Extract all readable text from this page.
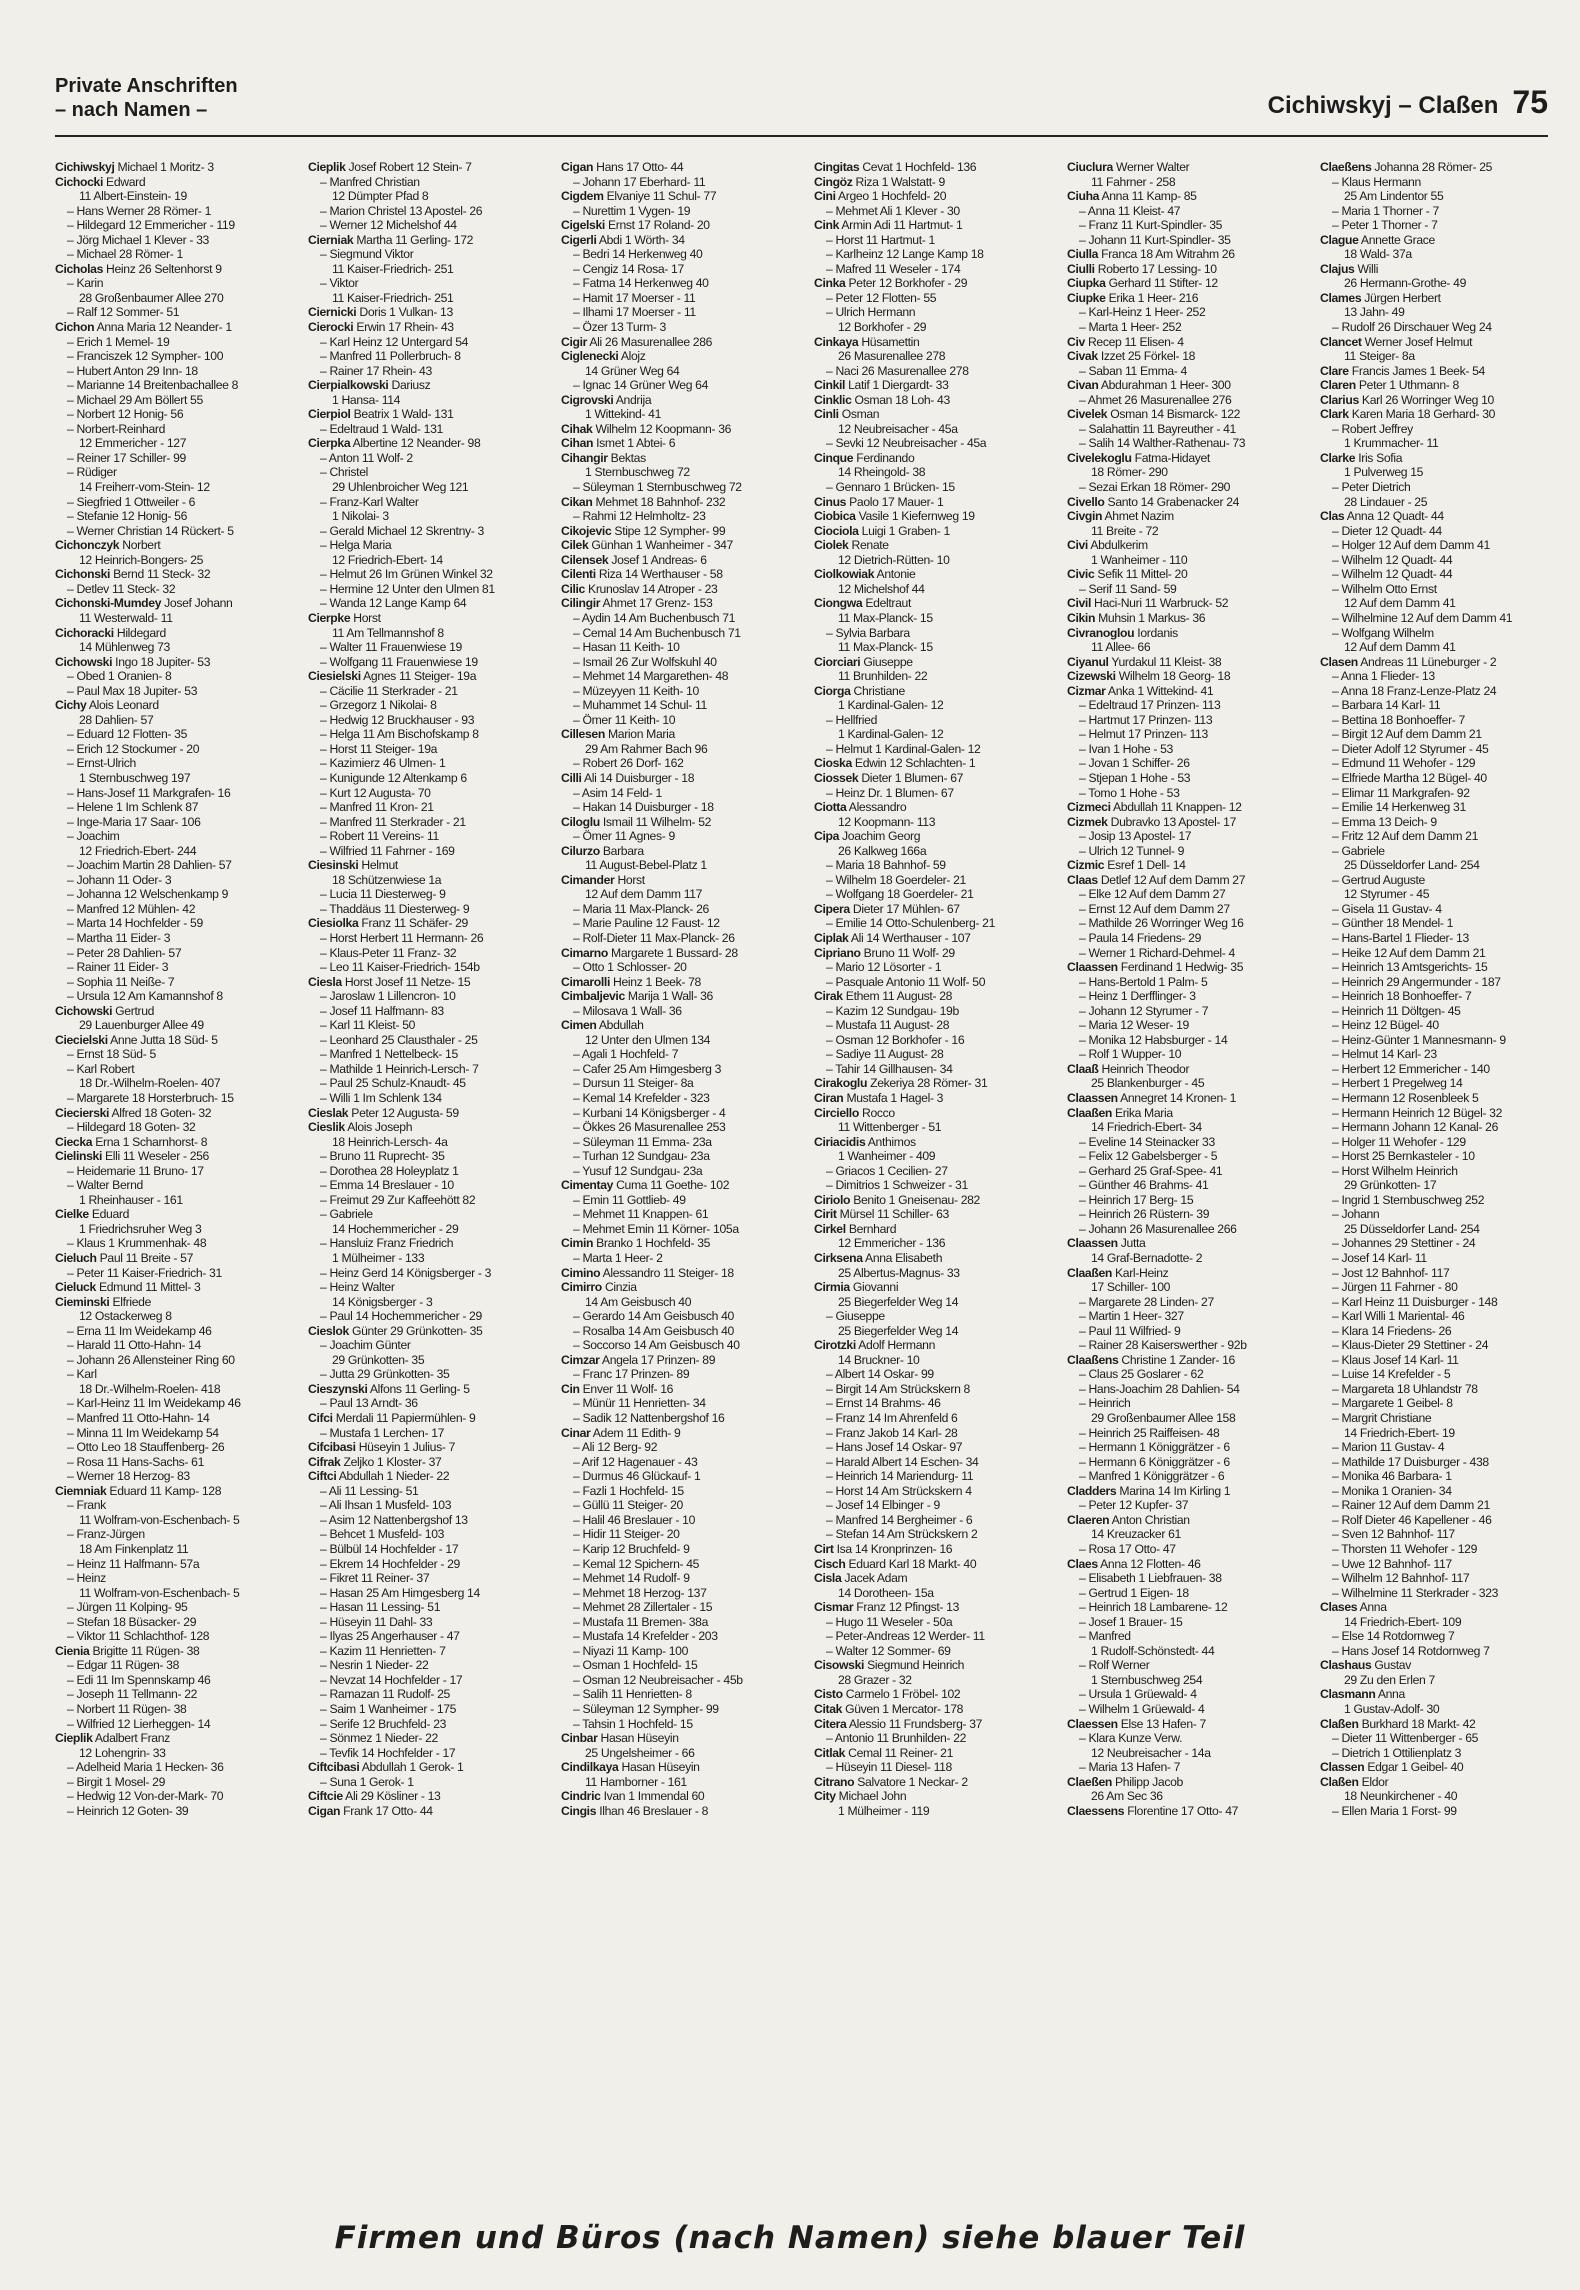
Private Anschriften
– nach Namen –	Cichiwskyj – Claßen 75
Cichiwskyj Michael 1 Moritz- 3
Cichocki Edward
11 Albert-Einstein- 19
– Hans Werner 28 Römer- 1
– Hildegard 12 Emmericher - 119
– Jörg Michael 1 Klever - 33
– Michael 28 Römer- 1
Cicholas Heinz 26 Seltenhorst 9
– Karin
28 Großenbaumer Allee 270
– Ralf 12 Sommer- 51
Cichon Anna Maria 12 Neander- 1
– Erich 1 Memel- 19
– Franciszek 12 Sympher- 100
– Hubert Anton 29 Inn- 18
– Marianne 14 Breitenbachallee 8
– Michael 29 Am Böllert 55
– Norbert 12 Honig- 56
– Norbert-Reinhard
12 Emmericher - 127
– Reiner 17 Schiller- 99
– Rüdiger
14 Freiherr-vom-Stein- 12
– Siegfried 1 Ottweiler - 6
– Stefanie 12 Honig- 56
– Werner Christian 14 Rückert- 5
Cichonczyk Norbert
12 Heinrich-Bongers- 25
Cichonski Bernd 11 Steck- 32
– Detlev 11 Steck- 32
Cichonski-Mumdey Josef Johann
11 Westerwald- 11
Cichoracki Hildegard
14 Mühlenweg 73
Cichowski Ingo 18 Jupiter- 53
– Obed 1 Oranien- 8
– Paul Max 18 Jupiter- 53
Cichy Alois Leonard
28 Dahlien- 57
– Eduard 12 Flotten- 35
– Erich 12 Stockumer - 20
– Ernst-Ulrich
1 Sternbuschweg 197
– Hans-Josef 11 Markgrafen- 16
– Helene 1 Im Schlenk 87
– Inge-Maria 17 Saar- 106
– Joachim
12 Friedrich-Ebert- 244
– Joachim Martin 28 Dahlien- 57
– Johann 11 Oder- 3
– Johanna 12 Welschenkamp 9
– Manfred 12 Mühlen- 42
– Marta 14 Hochfelder - 59
– Martha 11 Eider- 3
– Peter 28 Dahlien- 57
– Rainer 11 Eider- 3
– Sophia 11 Neiße- 7
– Ursula 12 Am Kamannshof 8
Cichowski Gertrud
29 Lauenburger Allee 49
Ciecielski Anne Jutta 18 Süd- 5
– Ernst 18 Süd- 5
– Karl Robert
18 Dr.-Wilhelm-Roelen- 407
– Margarete 18 Horsterbruch- 15
Ciecierski Alfred 18 Goten- 32
– Hildegard 18 Goten- 32
Ciecka Erna 1 Scharnhorst- 8
Cielinski Elli 11 Weseler - 256
– Heidemarie 11 Bruno- 17
– Walter Bernd
1 Rheinhauser - 161
Cielke Eduard
1 Friedrichsruher Weg 3
– Klaus 1 Krummenhak- 48
Cieluch Paul 11 Breite - 57
– Peter 11 Kaiser-Friedrich- 31
Cieluck Edmund 11 Mittel- 3
Cieminski Elfriede
12 Ostackerweg 8
– Erna 11 Im Weidekamp 46
– Harald 11 Otto-Hahn- 14
– Johann 26 Allensteiner Ring 60
– Karl
18 Dr.-Wilhelm-Roelen- 418
– Karl-Heinz 11 Im Weidekamp 46
– Manfred 11 Otto-Hahn- 14
– Minna 11 Im Weidekamp 54
– Otto Leo 18 Stauffenberg- 26
– Rosa 11 Hans-Sachs- 61
– Werner 18 Herzog- 83
Ciemniak Eduard 11 Kamp- 128
– Frank
11 Wolfram-von-Eschenbach- 5
– Franz-Jürgen
18 Am Finkenplatz 11
– Heinz 11 Halfmann- 57a
– Heinz
11 Wolfram-von-Eschenbach- 5
– Jürgen 11 Kolping- 95
– Stefan 18 Büsacker- 29
– Viktor 11 Schlachthof- 128
Cienia Brigitte 11 Rügen- 38
– Edgar 11 Rügen- 38
– Edi 11 Im Spennskamp 46
– Joseph 11 Tellmann- 22
– Norbert 11 Rügen- 38
– Wilfried 12 Lierheggen- 14
Cieplik Adalbert Franz
12 Lohengrin- 33
– Adelheid Maria 1 Hecken- 36
– Birgit 1 Mosel- 29
– Hedwig 12 Von-der-Mark- 70
– Heinrich 12 Goten- 39
Cieplik Josef Robert 12 Stein- 7
– Manfred Christian
12 Dümpter Pfad 8
– Marion Christel 13 Apostel- 26
– Werner 12 Michelshof 44
Cierniak Martha 11 Gerling- 172
– Siegmund Viktor
11 Kaiser-Friedrich- 251
– Viktor
11 Kaiser-Friedrich- 251
Ciernicki Doris 1 Vulkan- 13
Cierocki Erwin 17 Rhein- 43
– Karl Heinz 12 Untergard 54
– Manfred 11 Pollerbruch- 8
– Rainer 17 Rhein- 43
Cierpialkowski Dariusz
1 Hansa- 114
Cierpiol Beatrix 1 Wald- 131
– Edeltraud 1 Wald- 131
Cierpka Albertine 12 Neander- 98
– Anton 11 Wolf- 2
– Christel
29 Uhlenbroicher Weg 121
– Franz-Karl Walter
1 Nikolai- 3
– Gerald Michael 12 Skrentny- 3
– Helga Maria
12 Friedrich-Ebert- 14
– Helmut 26 Im Grünen Winkel 32
– Hermine 12 Unter den Ulmen 81
– Wanda 12 Lange Kamp 64
Cierpke Horst
11 Am Tellmannshof 8
– Walter 11 Frauenwiese 19
– Wolfgang 11 Frauenwiese 19
Ciesielski Agnes 11 Steiger- 19a
– Cäcilie 11 Sterkrader - 21
– Grzegorz 1 Nikolai- 8
– Hedwig 12 Bruckhauser - 93
– Helga 11 Am Bischofskamp 8
– Horst 11 Steiger- 19a
– Kazimierz 46 Ulmen- 1
– Kunigunde 12 Altenkamp 6
– Kurt 12 Augusta- 70
– Manfred 11 Kron- 21
– Manfred 11 Sterkrader - 21
– Robert 11 Vereins- 11
– Wilfried 11 Fahrner - 169
Ciesinski Helmut
18 Schützenwiese 1a
– Lucia 11 Diesterweg- 9
– Thaddäus 11 Diesterweg- 9
Ciesiolka Franz 11 Schäfer- 29
– Horst Herbert 11 Hermann- 26
– Klaus-Peter 11 Franz- 32
– Leo 11 Kaiser-Friedrich- 154b
Ciesla Horst Josef 11 Netze- 15
– Jaroslaw 1 Lillencron- 10
– Josef 11 Halfmann- 83
– Karl 11 Kleist- 50
– Leonhard 25 Clausthaler - 25
– Manfred 1 Nettelbeck- 15
– Mathilde 1 Heinrich-Lersch- 7
– Paul 25 Schulz-Knaudt- 45
– Willi 1 Im Schlenk 134
Cieslak Peter 12 Augusta- 59
Cieslik Alois Joseph
18 Heinrich-Lersch- 4a
– Bruno 11 Ruprecht- 35
– Dorothea 28 Holeyplatz 1
– Emma 14 Breslauer - 10
– Freimut 29 Zur Kaffeehött 82
– Gabriele
14 Hochemmericher - 29
– Hansluiz Franz Friedrich
1 Mülheimer - 133
– Heinz Gerd 14 Königsberger - 3
– Heinz Walter
14 Königsberger - 3
– Paul 14 Hochemmericher - 29
Cieslok Günter 29 Grünkotten- 35
– Joachim Günter
29 Grünkotten- 35
– Jutta 29 Grünkotten- 35
Cieszynski Alfons 11 Gerling- 5
– Paul 13 Arndt- 36
Cifci Merdali 11 Papiermühlen- 9
– Mustafa 1 Lerchen- 17
Cifcibasi Hüseyin 1 Julius- 7
Cifrak Zeljko 1 Kloster- 37
Ciftci Abdullah 1 Nieder- 22
– Ali 11 Lessing- 51
– Ali Ihsan 1 Musfeld- 103
– Asim 12 Nattenbergshof 13
– Behcet 1 Musfeld- 103
– Bülbül 14 Hochfelder - 17
– Ekrem 14 Hochfelder - 29
– Fikret 11 Reiner- 37
– Hasan 25 Am Himgesberg 14
– Hasan 11 Lessing- 51
– Hüseyin 11 Dahl- 33
– Ilyas 25 Angerhauser - 47
– Kazim 11 Henrietten- 7
– Nesrin 1 Nieder- 22
– Nevzat 14 Hochfelder - 17
– Ramazan 11 Rudolf- 25
– Saim 1 Wanheimer - 175
– Serife 12 Bruchfeld- 23
– Sönmez 1 Nieder- 22
– Tevfik 14 Hochfelder - 17
Ciftcibasi Abdullah 1 Gerok- 1
– Suna 1 Gerok- 1
Ciftcie Ali 29 Kösliner - 13
Cigan Frank 17 Otto- 44
Cigan Hans 17 Otto- 44
– Johann 17 Eberhard- 11
Cigdem Elvaniye 11 Schul- 77
– Nurettim 1 Vygen- 19
Cigelski Ernst 17 Roland- 20
Cigerli Abdi 1 Wörth- 34
– Bedri 14 Herkenweg 40
– Cengiz 14 Rosa- 17
– Fatma 14 Herkenweg 40
– Hamit 17 Moerser - 11
– Ilhami 17 Moerser - 11
– Özer 13 Turm- 3
Cigir Ali 26 Masurenallee 286
Ciglenecki Alojz
14 Grüner Weg 64
– Ignac 14 Grüner Weg 64
Cigrovski Andrija
1 Wittekind- 41
Cihak Wilhelm 12 Koopmann- 36
Cihan Ismet 1 Abtei- 6
Cihangir Bektas
1 Sternbuschweg 72
– Süleyman 1 Sternbuschweg 72
Cikan Mehmet 18 Bahnhof- 232
– Rahmi 12 Helmholtz- 23
Cikojevic Stipe 12 Sympher- 99
Cilek Günhan 1 Wanheimer - 347
Cilensek Josef 1 Andreas- 6
Cilenti Riza 14 Werthauser - 58
Cilic Krunoslav 14 Atroper - 23
Cilingir Ahmet 17 Grenz- 153
– Aydin 14 Am Buchenbusch 71
– Cemal 14 Am Buchenbusch 71
– Hasan 11 Keith- 10
– Ismail 26 Zur Wolfskuhl 40
– Mehmet 14 Margarethen- 48
– Müzeyyen 11 Keith- 10
– Muhammet 14 Schul- 11
– Ömer 11 Keith- 10
Cillesen Marion Maria
29 Am Rahmer Bach 96
– Robert 26 Dorf- 162
Cilli Ali 14 Duisburger - 18
– Asim 14 Feld- 1
– Hakan 14 Duisburger - 18
Ciloglu Ismail 11 Wilhelm- 52
– Ömer 11 Agnes- 9
Cilurzo Barbara
11 August-Bebel-Platz 1
Cimander Horst
12 Auf dem Damm 117
– Maria 11 Max-Planck- 26
– Marie Pauline 12 Faust- 12
– Rolf-Dieter 11 Max-Planck- 26
Cimarno Margarete 1 Bussard- 28
– Otto 1 Schlosser- 20
Cimarolli Heinz 1 Beek- 78
Cimbaljevic Marija 1 Wall- 36
– Milosava 1 Wall- 36
Cimen Abdullah
12 Unter den Ulmen 134
– Agali 1 Hochfeld- 7
– Cafer 25 Am Himgesberg 3
– Dursun 11 Steiger- 8a
– Kemal 14 Krefelder - 323
– Kurbani 14 Königsberger - 4
– Ökkes 26 Masurenallee 253
– Süleyman 11 Emma- 23a
– Turhan 12 Sundgau- 23a
– Yusuf 12 Sundgau- 23a
Cimentay Cuma 11 Goethe- 102
– Emin 11 Gottlieb- 49
– Mehmet 11 Knappen- 61
– Mehmet Emin 11 Körner- 105a
Cimin Branko 1 Hochfeld- 35
– Marta 1 Heer- 2
Cimino Alessandro 11 Steiger- 18
Cimirro Cinzia
14 Am Geisbusch 40
– Gerardo 14 Am Geisbusch 40
– Rosalba 14 Am Geisbusch 40
– Soccorso 14 Am Geisbusch 40
Cimzar Angela 17 Prinzen- 89
– Franc 17 Prinzen- 89
Cin Enver 11 Wolf- 16
– Münür 11 Henrietten- 34
– Sadik 12 Nattenbergshof 16
Cinar Adem 11 Edith- 9
– Ali 12 Berg- 92
– Arif 12 Hagenauer - 43
– Durmus 46 Glückauf- 1
– Fazli 1 Hochfeld- 15
– Güllü 11 Steiger- 20
– Halil 46 Breslauer - 10
– Hidir 11 Steiger- 20
– Karip 12 Bruchfeld- 9
– Kemal 12 Spichern- 45
– Mehmet 14 Rudolf- 9
– Mehmet 18 Herzog- 137
– Mehmet 28 Zillertaler - 15
– Mustafa 11 Bremen- 38a
– Mustafa 14 Krefelder - 203
– Niyazi 11 Kamp- 100
– Osman 1 Hochfeld- 15
– Osman 12 Neubreisacher - 45b
– Salih 11 Henrietten- 8
– Süleyman 12 Sympher- 99
– Tahsin 1 Hochfeld- 15
Cinbar Hasan Hüseyin
25 Ungelsheimer - 66
Cindilkaya Hasan Hüseyin
11 Hamborner - 161
Cindric Ivan 1 Immendal 60
Cingis Ilhan 46 Breslauer - 8
Cingitas Cevat 1 Hochfeld- 136
Cingöz Riza 1 Walstatt- 9
Cini Argeo 1 Hochfeld- 20
– Mehmet Ali 1 Klever - 30
Cink Armin Adi 11 Hartmut- 1
– Horst 11 Hartmut- 1
– Karlheinz 12 Lange Kamp 18
– Mafred 11 Weseler - 174
Cinka Peter 12 Borkhofer - 29
– Peter 12 Flotten- 55
– Ulrich Hermann
12 Borkhofer - 29
Cinkaya Hüsamettin
26 Masurenallee 278
– Naci 26 Masurenallee 278
Cinkil Latif 1 Diergardt- 33
Cinklic Osman 18 Loh- 43
Cinli Osman
12 Neubreisacher - 45a
– Sevki 12 Neubreisacher - 45a
Cinque Ferdinando
14 Rheingold- 38
– Gennaro 1 Brücken- 15
Cinus Paolo 17 Mauer- 1
Ciobica Vasile 1 Kiefernweg 19
Ciociola Luigi 1 Graben- 1
Ciolek Renate
12 Dietrich-Rütten- 10
Ciolkowiak Antonie
12 Michelshof 44
Ciongwa Edeltraut
11 Max-Planck- 15
– Sylvia Barbara
11 Max-Planck- 15
Ciorciari Giuseppe
11 Brunhilden- 22
Ciorga Christiane
1 Kardinal-Galen- 12
– Hellfried
1 Kardinal-Galen- 12
– Helmut 1 Kardinal-Galen- 12
Cioska Edwin 12 Schlachten- 1
Ciossek Dieter 1 Blumen- 67
– Heinz Dr. 1 Blumen- 67
Ciotta Alessandro
12 Koopmann- 113
Cipa Joachim Georg
26 Kalkweg 166a
– Maria 18 Bahnhof- 59
– Wilhelm 18 Goerdeler- 21
– Wolfgang 18 Goerdeler- 21
Cipera Dieter 17 Mühlen- 67
– Emilie 14 Otto-Schulenberg- 21
Ciplak Ali 14 Werthauser - 107
Cipriano Bruno 11 Wolf- 29
– Mario 12 Lösorter - 1
– Pasquale Antonio 11 Wolf- 50
Cirak Ethem 11 August- 28
– Kazim 12 Sundgau- 19b
– Mustafa 11 August- 28
– Osman 12 Borkhofer - 16
– Sadiye 11 August- 28
– Tahir 14 Gillhausen- 34
Cirakoglu Zekeriya 28 Römer- 31
Ciran Mustafa 1 Hagel- 3
Circiello Rocco
11 Wittenberger - 51
Ciriacidis Anthimos
1 Wanheimer - 409
– Griacos 1 Cecilien- 27
– Dimitrios 1 Schweizer - 31
Ciriolo Benito 1 Gneisenau- 282
Cirit Mürsel 11 Schiller- 63
Cirkel Bernhard
12 Emmericher - 136
Cirksena Anna Elisabeth
25 Albertus-Magnus- 33
Cirmia Giovanni
25 Biegerfelder Weg 14
– Giuseppe
25 Biegerfelder Weg 14
Cirotzki Adolf Hermann
14 Bruckner- 10
– Albert 14 Oskar- 99
– Birgit 14 Am Strückskern 8
– Ernst 14 Brahms- 46
– Franz 14 Im Ahrenfeld 6
– Franz Jakob 14 Karl- 28
– Hans Josef 14 Oskar- 97
– Harald Albert 14 Eschen- 34
– Heinrich 14 Mariendurg- 11
– Horst 14 Am Strückskern 4
– Josef 14 Elbinger - 9
– Manfred 14 Bergheimer - 6
– Stefan 14 Am Strückskern 2
Cirt Isa 14 Kronprinzen- 16
Cisch Eduard Karl 18 Markt- 40
Cisla Jacek Adam
14 Dorotheen- 15a
Cismar Franz 12 Pfingst- 13
– Hugo 11 Weseler - 50a
– Peter-Andreas 12 Werder- 11
– Walter 12 Sommer- 69
Cisowski Siegmund Heinrich
28 Grazer - 32
Cisto Carmelo 1 Fröbel- 102
Citak Güven 1 Mercator- 178
Citera Alessio 11 Frundsberg- 37
– Antonio 11 Brunhilden- 22
Citlak Cemal 11 Reiner- 21
– Hüseyin 11 Diesel- 118
Citrano Salvatore 1 Neckar- 2
City Michael John
1 Mülheimer - 119
Ciuclura Werner Walter
11 Fahrner - 258
Ciuha Anna 11 Kamp- 85
– Anna 11 Kleist- 47
– Franz 11 Kurt-Spindler- 35
– Johann 11 Kurt-Spindler- 35
Ciulla Franca 18 Am Witrahm 26
Ciulli Roberto 17 Lessing- 10
Ciupka Gerhard 11 Stifter- 12
Ciupke Erika 1 Heer- 216
– Karl-Heinz 1 Heer- 252
– Marta 1 Heer- 252
Civ Recep 11 Elisen- 4
Civak Izzet 25 Förkel- 18
– Saban 11 Emma- 4
Civan Abdurahman 1 Heer- 300
– Ahmet 26 Masurenallee 276
Civelek Osman 14 Bismarck- 122
– Salahattin 11 Bayreuther - 41
– Salih 14 Walther-Rathenau- 73
Civelekoglu Fatma-Hidayet
18 Römer- 290
– Sezai Erkan 18 Römer- 290
Civello Santo 14 Grabenacker 24
Civgin Ahmet Nazim
11 Breite - 72
Civi Abdulkerim
1 Wanheimer - 110
Civic Sefik 11 Mittel- 20
– Serif 11 Sand- 59
Civil Haci-Nuri 11 Warbruck- 52
Cikin Muhsin 1 Markus- 36
Civranoglou Iordanis
11 Allee- 66
Ciyanul Yurdakul 11 Kleist- 38
Cizewski Wilhelm 18 Georg- 18
Cizmar Anka 1 Wittekind- 41
– Edeltraud 17 Prinzen- 113
– Hartmut 17 Prinzen- 113
– Helmut 17 Prinzen- 113
– Ivan 1 Hohe - 53
– Jovan 1 Schiffer- 26
– Stjepan 1 Hohe - 53
– Tomo 1 Hohe - 53
Cizmeci Abdullah 11 Knappen- 12
Cizmek Dubravko 13 Apostel- 17
– Josip 13 Apostel- 17
– Ulrich 12 Tunnel- 9
Cizmic Esref 1 Dell- 14
Claas Detlef 12 Auf dem Damm 27
– Elke 12 Auf dem Damm 27
– Ernst 12 Auf dem Damm 27
– Mathilde 26 Worringer Weg 16
– Paula 14 Friedens- 29
– Werner 1 Richard-Dehmel- 4
Claassen Ferdinand 1 Hedwig- 35
– Hans-Bertold 1 Palm- 5
– Heinz 1 Derfflinger- 3
– Johann 12 Styrumer - 7
– Maria 12 Weser- 19
– Monika 12 Habsburger - 14
– Rolf 1 Wupper- 10
Claaß Heinrich Theodor
25 Blankenburger - 45
Claassen Annegret 14 Kronen- 1
Claaßen Erika Maria
14 Friedrich-Ebert- 34
– Eveline 14 Steinacker 33
– Felix 12 Gabelsberger - 5
– Gerhard 25 Graf-Spee- 41
– Günther 46 Brahms- 41
– Heinrich 17 Berg- 15
– Heinrich 26 Rüstern- 39
– Johann 26 Masurenallee 266
Claassen Jutta
14 Graf-Bernadotte- 2
Claaßen Karl-Heinz
17 Schiller- 100
– Margarete 28 Linden- 27
– Martin 1 Heer- 327
– Paul 11 Wilfried- 9
– Rainer 28 Kaiserswerther - 92b
Claaßens Christine 1 Zander- 16
– Claus 25 Goslarer - 62
– Hans-Joachim 28 Dahlien- 54
– Heinrich
29 Großenbaumer Allee 158
– Heinrich 25 Raiffeisen- 48
– Hermann 1 Königgrätzer - 6
– Hermann 6 Königgrätzer - 6
– Manfred 1 Königgrätzer - 6
Cladders Marina 14 Im Kirling 1
– Peter 12 Kupfer- 37
Claeren Anton Christian
14 Kreuzacker 61
– Rosa 17 Otto- 47
Claes Anna 12 Flotten- 46
– Elisabeth 1 Liebfrauen- 38
– Gertrud 1 Eigen- 18
– Heinrich 18 Lambarene- 12
– Josef 1 Brauer- 15
– Manfred
1 Rudolf-Schönstedt- 44
– Rolf Werner
1 Sternbuschweg 254
– Ursula 1 Grüewald- 4
– Wilhelm 1 Grüewald- 4
Claessen Else 13 Hafen- 7
– Klara Kunze Verw.
12 Neubreisacher - 14a
– Maria 13 Hafen- 7
Claeßen Philipp Jacob
26 Am Sec 36
Claessens Florentine 17 Otto- 47
Claeßens Johanna 28 Römer- 25
– Klaus Hermann
25 Am Lindentor 55
– Maria 1 Thorner - 7
– Peter 1 Thorner - 7
Clague Annette Grace
18 Wald- 37a
Clajus Willi
26 Hermann-Grothe- 49
Clames Jürgen Herbert
13 Jahn- 49
– Rudolf 26 Dirschauer Weg 24
Clancet Werner Josef Helmut
11 Steiger- 8a
Clare Francis James 1 Beek- 54
Claren Peter 1 Uthmann- 8
Clarius Karl 26 Worringer Weg 10
Clark Karen Maria 18 Gerhard- 30
– Robert Jeffrey
1 Krummacher- 11
Clarke Iris Sofia
1 Pulverweg 15
– Peter Dietrich
28 Lindauer - 25
Clas Anna 12 Quadt- 44
– Dieter 12 Quadt- 44
– Holger 12 Auf dem Damm 41
– Wilhelm 12 Quadt- 44
– Wilhelm 12 Quadt- 44
– Wilhelm Otto Ernst
12 Auf dem Damm 41
– Wilhelmine 12 Auf dem Damm 41
– Wolfgang Wilhelm
12 Auf dem Damm 41
Clasen Andreas 11 Lüneburger - 2
– Anna 1 Flieder- 13
– Anna 18 Franz-Lenze-Platz 24
– Barbara 14 Karl- 11
– Bettina 18 Bonhoeffer- 7
– Birgit 12 Auf dem Damm 21
– Dieter Adolf 12 Styrumer - 45
– Edmund 11 Wehofer - 129
– Elfriede Martha 12 Bügel- 40
– Elimar 11 Markgrafen- 92
– Emilie 14 Herkenweg 31
– Emma 13 Deich- 9
– Fritz 12 Auf dem Damm 21
– Gabriele
25 Düsseldorfer Land- 254
– Gertrud Auguste
12 Styrumer - 45
– Gisela 11 Gustav- 4
– Günther 18 Mendel- 1
– Hans-Bartel 1 Flieder- 13
– Heike 12 Auf dem Damm 21
– Heinrich 13 Amtsgerichts- 15
– Heinrich 29 Angermunder - 187
– Heinrich 18 Bonhoeffer- 7
– Heinrich 11 Döltgen- 45
– Heinz 12 Bügel- 40
– Heinz-Günter 1 Mannesmann- 9
– Helmut 14 Karl- 23
– Herbert 12 Emmericher - 140
– Herbert 1 Pregelweg 14
– Hermann 12 Rosenbleek 5
– Hermann Heinrich 12 Bügel- 32
– Hermann Johann 12 Kanal- 26
– Holger 11 Wehofer - 129
– Horst 25 Bernkasteler - 10
– Horst Wilhelm Heinrich
29 Grünkotten- 17
– Ingrid 1 Sternbuschweg 252
– Johann
25 Düsseldorfer Land- 254
– Johannes 29 Stettiner - 24
– Josef 14 Karl- 11
– Jost 12 Bahnhof- 117
– Jürgen 11 Fahrner - 80
– Karl Heinz 11 Duisburger - 148
– Karl Willi 1 Mariental- 46
– Klara 14 Friedens- 26
– Klaus-Dieter 29 Stettiner - 24
– Klaus Josef 14 Karl- 11
– Luise 14 Krefelder - 5
– Margareta 18 Uhlandstr 78
– Margarete 1 Geibel- 8
– Margrit Christiane
14 Friedrich-Ebert- 19
– Marion 11 Gustav- 4
– Mathilde 17 Duisburger - 438
– Monika 46 Barbara- 1
– Monika 1 Oranien- 34
– Rainer 12 Auf dem Damm 21
– Rolf Dieter 46 Kapellener - 46
– Sven 12 Bahnhof- 117
– Thorsten 11 Wehofer - 129
– Uwe 12 Bahnhof- 117
– Wilhelm 12 Bahnhof- 117
– Wilhelmine 11 Sterkrader - 323
Clases Anna
14 Friedrich-Ebert- 109
– Else 14 Rotdornweg 7
– Hans Josef 14 Rotdornweg 7
Clashaus Gustav
29 Zu den Erlen 7
Clasmann Anna
1 Gustav-Adolf- 30
Claßen Burkhard 18 Markt- 42
– Dieter 11 Wittenberger - 65
– Dietrich 1 Ottilienplatz 3
Classen Edgar 1 Geibel- 40
Claßen Eldor
18 Neunkirchener - 40
– Ellen Maria 1 Forst- 99
Firmen und Büros (nach Namen) siehe blauer Teil
